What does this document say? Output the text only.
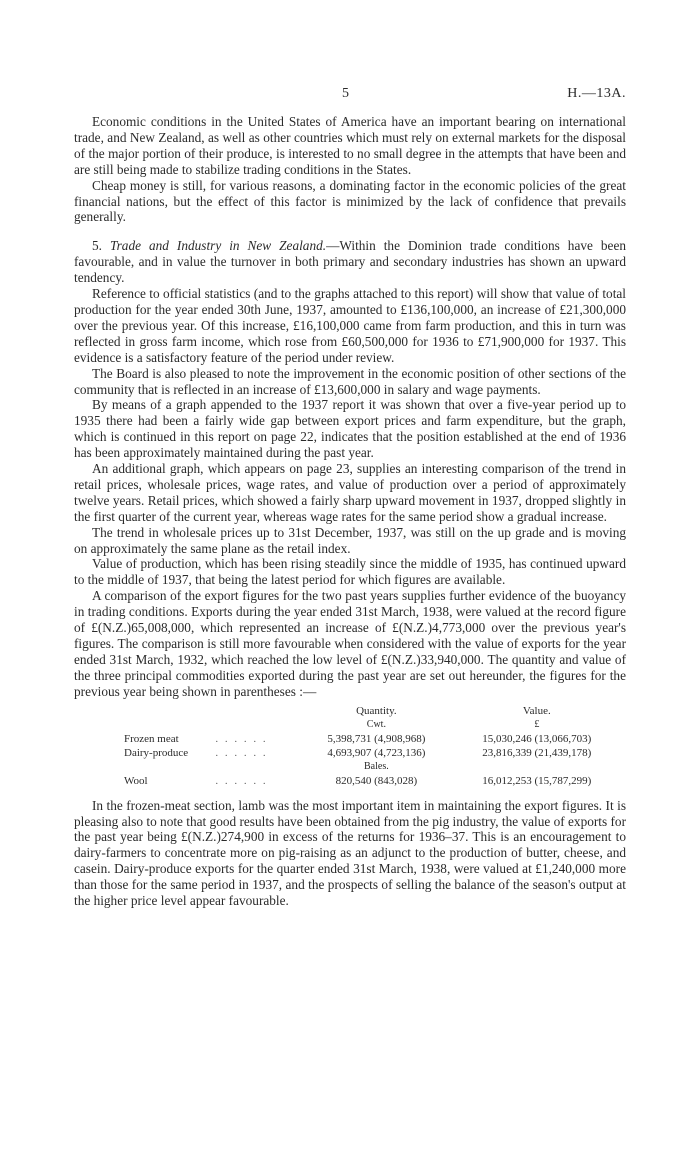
5	H.—13A.

Economic conditions in the United States of America have an important bearing on international trade, and New Zealand, as well as other countries which must rely on external markets for the disposal of the major portion of their produce, is interested to no small degree in the attempts that have been and are still being made to stabilize trading conditions in the States.

Cheap money is still, for various reasons, a dominating factor in the economic policies of the great financial nations, but the effect of this factor is minimized by the lack of confidence that prevails generally.

5. Trade and Industry in New Zealand.—Within the Dominion trade conditions have been favourable, and in value the turnover in both primary and secondary industries has shown an upward tendency.

Reference to official statistics (and to the graphs attached to this report) will show that value of total production for the year ended 30th June, 1937, amounted to £136,100,000, an increase of £21,300,000 over the previous year. Of this increase, £16,100,000 came from farm production, and this in turn was reflected in gross farm income, which rose from £60,500,000 for 1936 to £71,900,000 for 1937. This evidence is a satisfactory feature of the period under review.

The Board is also pleased to note the improvement in the economic position of other sections of the community that is reflected in an increase of £13,600,000 in salary and wage payments.

By means of a graph appended to the 1937 report it was shown that over a five-year period up to 1935 there had been a fairly wide gap between export prices and farm expenditure, but the graph, which is continued in this report on page 22, indicates that the position established at the end of 1936 has been approximately maintained during the past year.

An additional graph, which appears on page 23, supplies an interesting comparison of the trend in retail prices, wholesale prices, wage rates, and value of production over a period of approximately twelve years. Retail prices, which showed a fairly sharp upward movement in 1937, dropped slightly in the first quarter of the current year, whereas wage rates for the same period show a gradual increase.

The trend in wholesale prices up to 31st December, 1937, was still on the up grade and is moving on approximately the same plane as the retail index.

Value of production, which has been rising steadily since the middle of 1935, has continued upward to the middle of 1937, that being the latest period for which figures are available.

A comparison of the export figures for the two past years supplies further evidence of the buoyancy in trading conditions. Exports during the year ended 31st March, 1938, were valued at the record figure of £(N.Z.)65,008,000, which represented an increase of £(N.Z.)4,773,000 over the previous year's figures. The comparison is still more favourable when considered with the value of exports for the year ended 31st March, 1932, which reached the low level of £(N.Z.)33,940,000. The quantity and value of the three principal commodities exported during the past year are set out hereunder, the figures for the previous year being shown in parentheses :—

		Quantity.	Value.
		Cwt.	£
Frozen meat	. . . . . .	5,398,731 (4,908,968)	15,030,246 (13,066,703)
Dairy-produce	. . . . . .	4,693,907 (4,723,136)	23,816,339 (21,439,178)
		Bales.	
Wool	. . . . . .	820,540 (843,028)	16,012,253 (15,787,299)

In the frozen-meat section, lamb was the most important item in maintaining the export figures. It is pleasing also to note that good results have been obtained from the pig industry, the value of exports for the past year being £(N.Z.)274,900 in excess of the returns for 1936–37. This is an encouragement to dairy-farmers to concentrate more on pig-raising as an adjunct to the production of butter, cheese, and casein. Dairy-produce exports for the quarter ended 31st March, 1938, were valued at £1,240,000 more than those for the same period in 1937, and the prospects of selling the balance of the season's output at the higher price level appear favourable.
